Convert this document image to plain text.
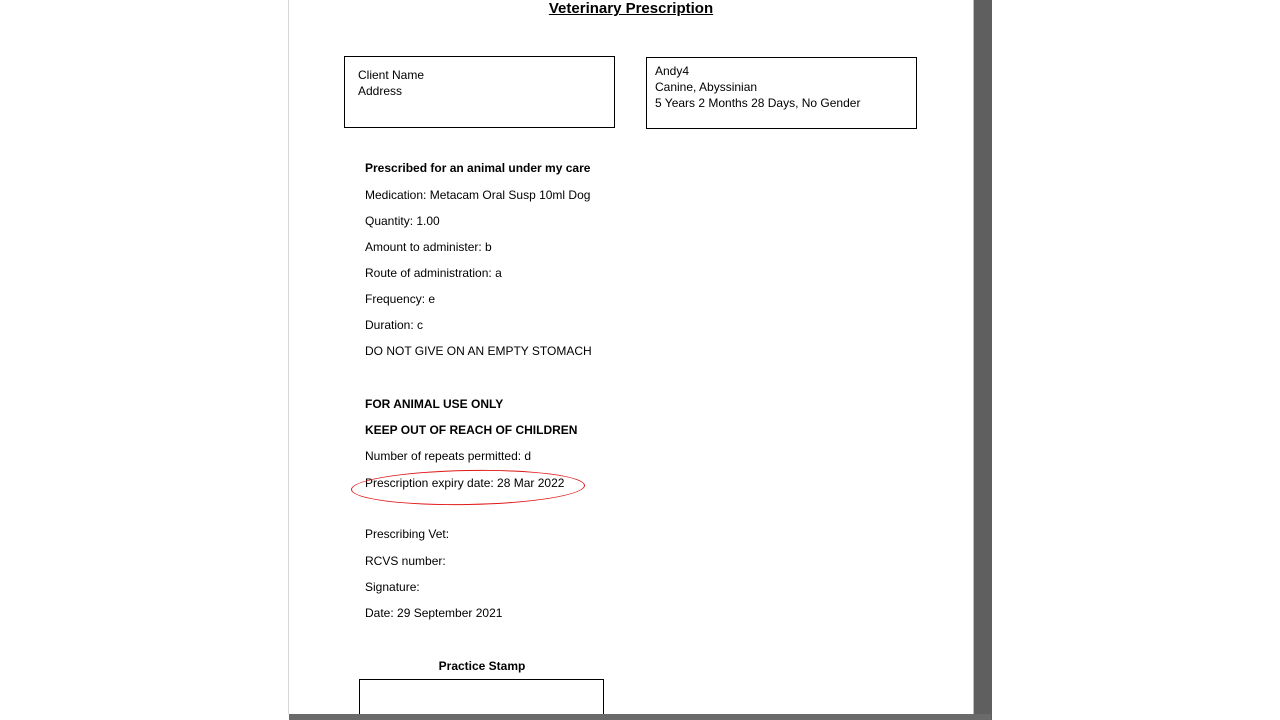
Veterinary Prescription
Client Name
Address
Andy4
Canine, Abyssinian
5 Years 2 Months 28 Days, No Gender
Prescribed for an animal under my care
Medication: Metacam Oral Susp 10ml Dog
Quantity: 1.00
Amount to administer: b
Route of administration: a
Frequency: e
Duration: c
DO NOT GIVE ON AN EMPTY STOMACH
FOR ANIMAL USE ONLY
KEEP OUT OF REACH OF CHILDREN
Number of repeats permitted: d
Prescription expiry date: 28 Mar 2022
Prescribing Vet:
RCVS number:
Signature:
Date: 29 September 2021
Practice Stamp
